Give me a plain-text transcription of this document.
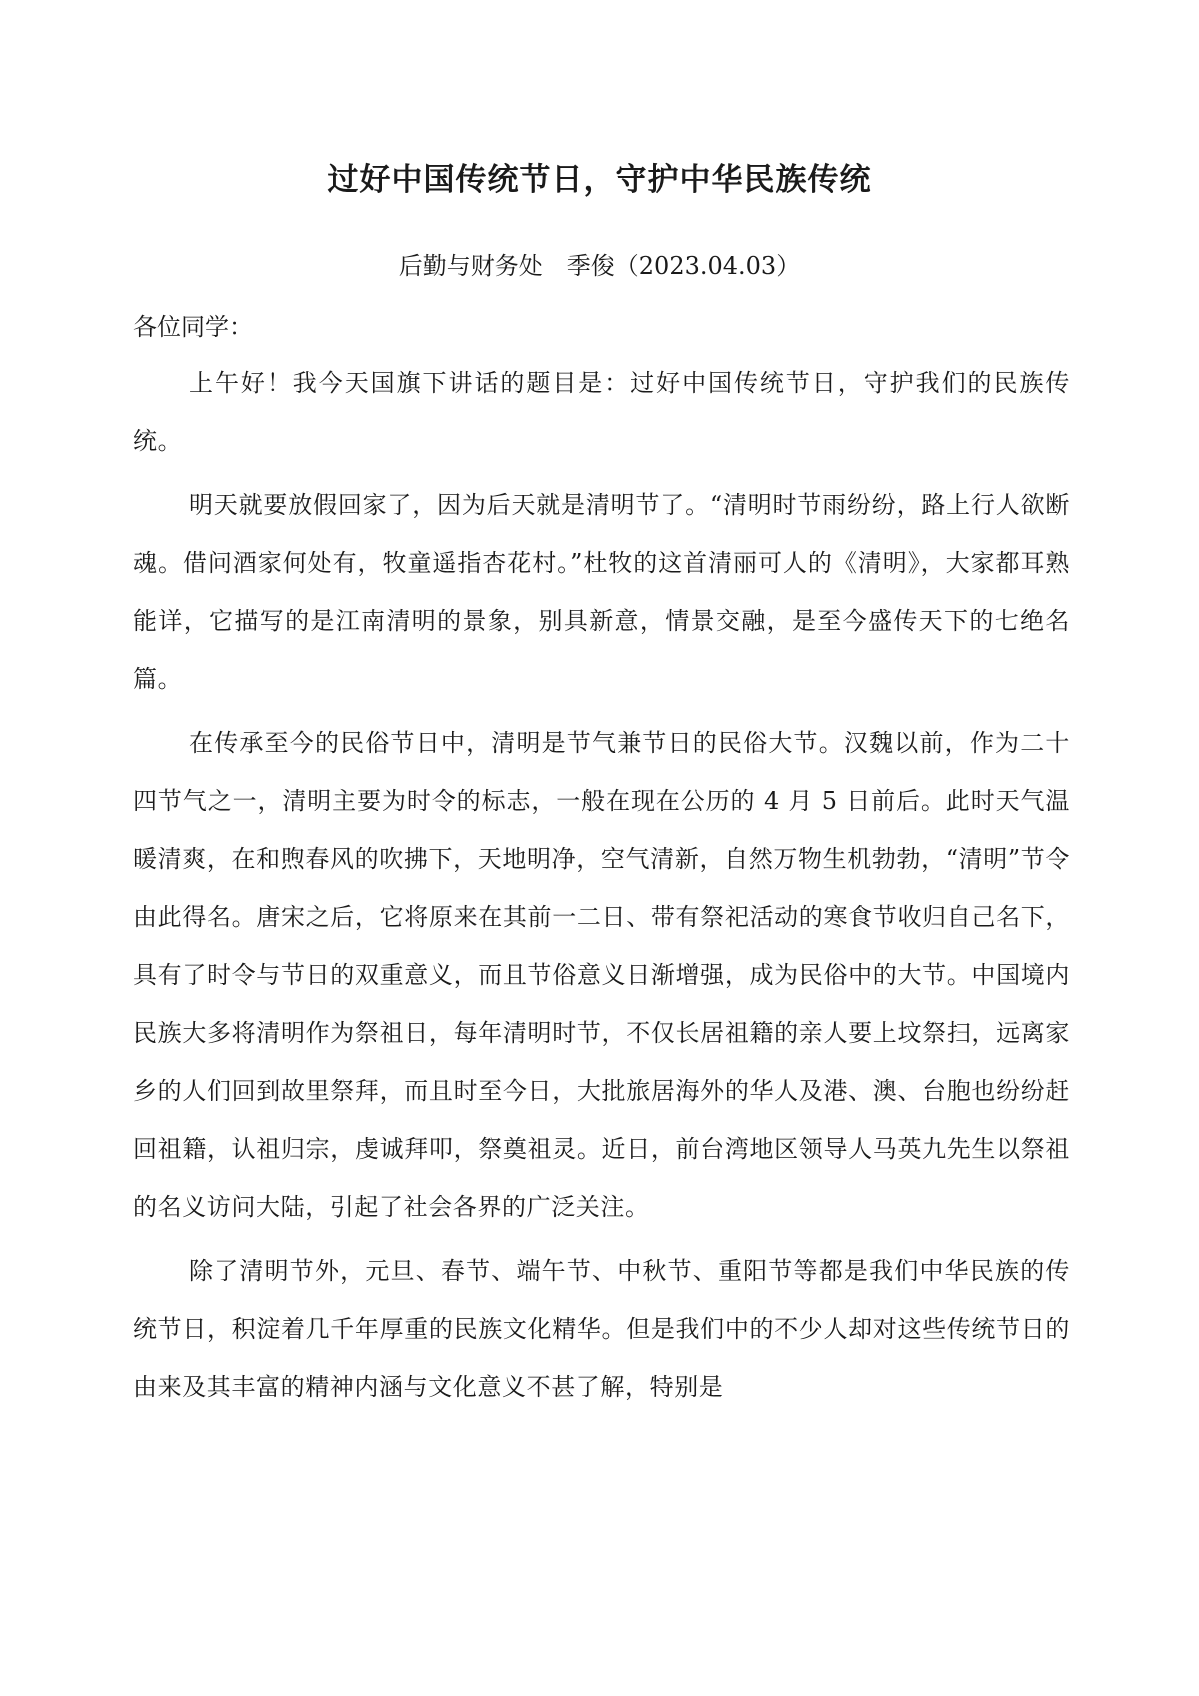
过好中国传统节日，守护中华民族传统

后勤与财务处　季俊（2023.04.03）

各位同学：

上午好！我今天国旗下讲话的题目是：过好中国传统节日，守护我们的民族传统。

明天就要放假回家了，因为后天就是清明节了。“清明时节雨纷纷，路上行人欲断魂。借问酒家何处有，牧童遥指杏花村。”杜牧的这首清丽可人的《清明》，大家都耳熟能详，它描写的是江南清明的景象，别具新意，情景交融，是至今盛传天下的七绝名篇。

在传承至今的民俗节日中，清明是节气兼节日的民俗大节。汉魏以前，作为二十四节气之一，清明主要为时令的标志，一般在现在公历的 4 月 5 日前后。此时天气温暖清爽，在和煦春风的吹拂下，天地明净，空气清新，自然万物生机勃勃，“清明”节令由此得名。唐宋之后，它将原来在其前一二日、带有祭祀活动的寒食节收归自己名下，具有了时令与节日的双重意义，而且节俗意义日渐增强，成为民俗中的大节。中国境内民族大多将清明作为祭祖日，每年清明时节，不仅长居祖籍的亲人要上坟祭扫，远离家乡的人们回到故里祭拜，而且时至今日，大批旅居海外的华人及港、澳、台胞也纷纷赶回祖籍，认祖归宗，虔诚拜叩，祭奠祖灵。近日，前台湾地区领导人马英九先生以祭祖的名义访问大陆，引起了社会各界的广泛关注。

除了清明节外，元旦、春节、端午节、中秋节、重阳节等都是我们中华民族的传统节日，积淀着几千年厚重的民族文化精华。但是我们中的不少人却对这些传统节日的由来及其丰富的精神内涵与文化意义不甚了解，特别是
